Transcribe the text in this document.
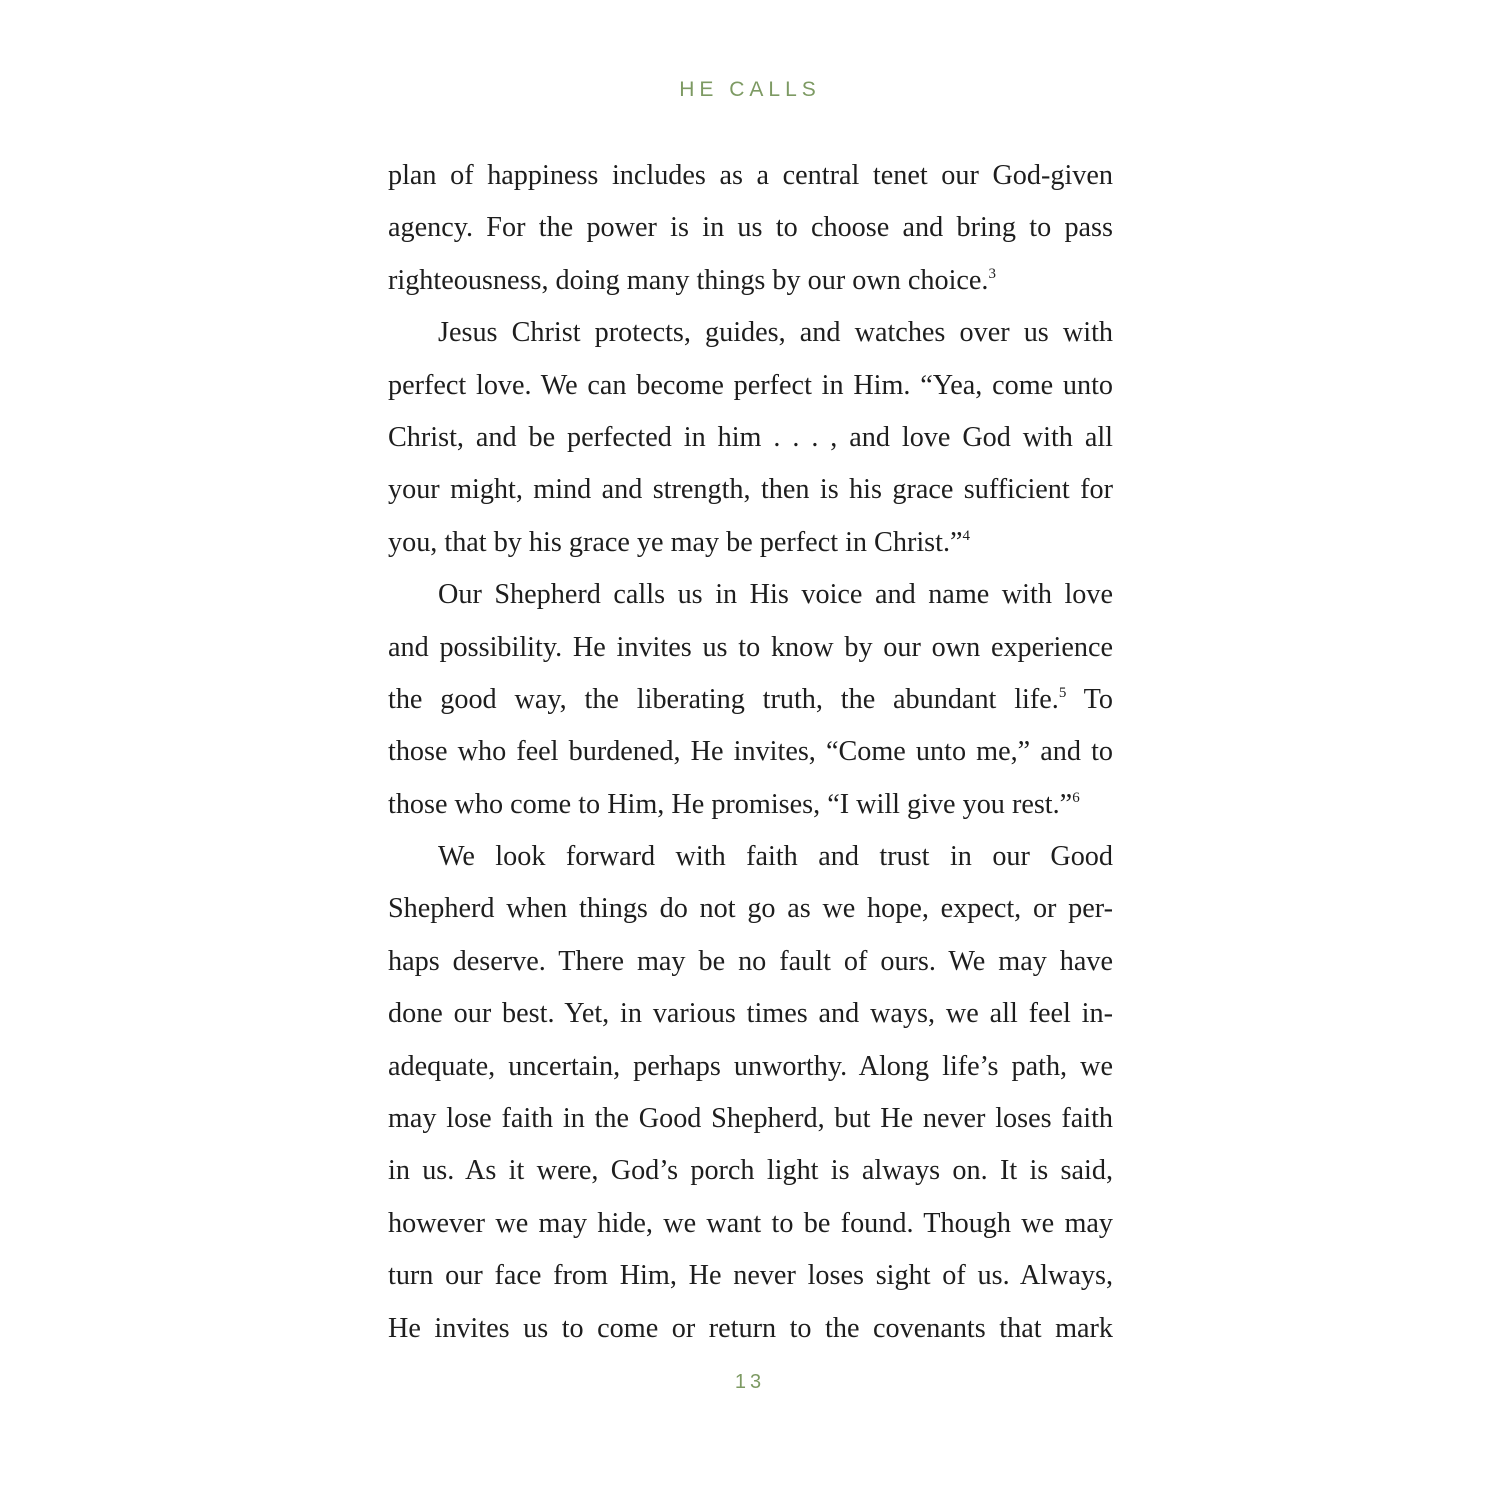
HE CALLS
plan of happiness includes as a central tenet our God-given
agency. For the power is in us to choose and bring to pass
righteousness, doing many things by our own choice.$^3$
Jesus Christ protects, guides, and watches over us with
perfect love. We can become perfect in Him. “Yea, come unto
Christ, and be perfected in him . . . , and love God with all
your might, mind and strength, then is his grace sufficient for
you, that by his grace ye may be perfect in Christ.”$^4$
Our Shepherd calls us in His voice and name with love
and possibility. He invites us to know by our own experience
the good way, the liberating truth, the abundant life.$^5$ To
those who feel burdened, He invites, “Come unto me,” and to
those who come to Him, He promises, “I will give you rest.”$^6$
We look forward with faith and trust in our Good
Shepherd when things do not go as we hope, expect, or per-
haps deserve. There may be no fault of ours. We may have
done our best. Yet, in various times and ways, we all feel in-
adequate, uncertain, perhaps unworthy. Along life’s path, we
may lose faith in the Good Shepherd, but He never loses faith
in us. As it were, God’s porch light is always on. It is said,
however we may hide, we want to be found. Though we may
turn our face from Him, He never loses sight of us. Always,
He invites us to come or return to the covenants that mark
13
